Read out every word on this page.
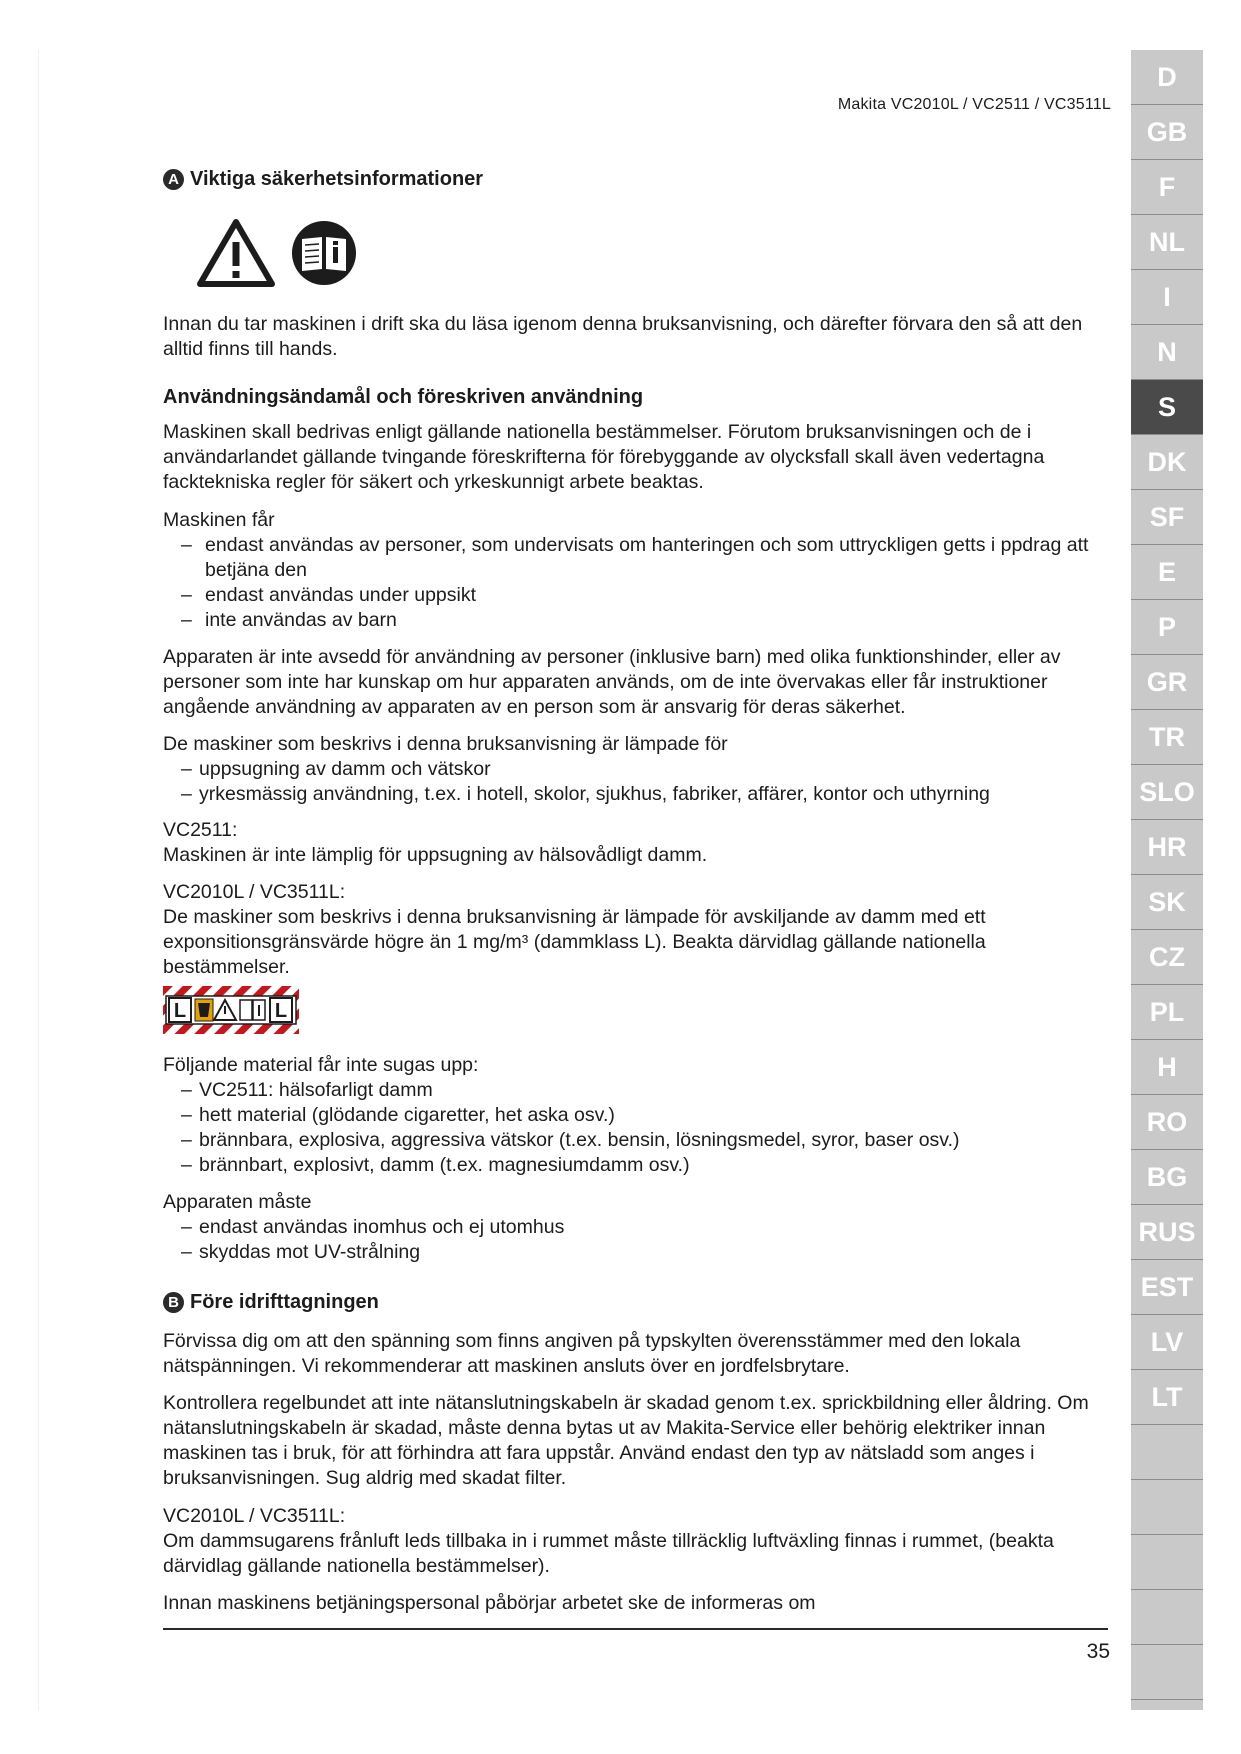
Makita VC2010L / VC2511 / VC3511L
A Viktiga säkerhetsinformationer
Innan du tar maskinen i drift ska du läsa igenom denna bruksanvisning, och därefter förvara den så att den alltid finns till hands.
Användningsändamål och föreskriven användning
Maskinen skall bedrivas enligt gällande nationella bestämmelser. Förutom bruksanvisningen och de i användarlandet gällande tvingande föreskrifterna för förebyggande av olycksfall skall även vedertagna facktekniska regler för säkert och yrkeskunnigt arbete beaktas.

Maskinen får

– endast användas av personer, som undervisats om hanteringen och som uttryckligen getts i ppdrag att betjäna den
– endast användas under uppsikt
– inte användas av barn
Apparaten är inte avsedd för användning av personer (inklusive barn) med olika funktionshinder, eller av personer som inte har kunskap om hur apparaten används, om de inte övervakas eller får instruktioner angående användning av apparaten av en person som är ansvarig för deras säkerhet.

De maskiner som beskrivs i denna bruksanvisning är lämpade för

– uppsugning av damm och vätskor
– yrkesmässig användning, t.ex. i hotell, skolor, sjukhus, fabriker, affärer, kontor och uthyrning

VC2511:

Maskinen är inte lämplig för uppsugning av hälsovådligt damm.

VC2010L / VC3511L:

De maskiner som beskrivs i denna bruksanvisning är lämpade för avskiljande av damm med ett exponsitionsgränsvärde högre än 1 mg/m³ (dammklass L). Beakta därvidlag gällande nationella bestämmelser.

L	L

Följande material får inte sugas upp:

– VC2511: hälsofarligt damm
– hett material (glödande cigaretter, het aska osv.)
– brännbara, explosiva, aggressiva vätskor (t.ex. bensin, lösningsmedel, syror, baser osv.)
– brännbart, explosivt, damm (t.ex. magnesiumdamm osv.)

Apparaten måste

– endast användas inomhus och ej utomhus
– skyddas mot UV-strålning
B Före idrifttagningen
Förvissa dig om att den spänning som finns angiven på typskylten överensstämmer med den lokala nätspänningen. Vi rekommenderar att maskinen ansluts över en jordfelsbrytare.
Kontrollera regelbundet att inte nätanslutningskabeln är skadad genom t.ex. sprickbildning eller åldring. Om nätanslutningskabeln är skadad, måste denna bytas ut av Makita-Service eller behörig elektriker innan maskinen tas i bruk, för att förhindra att fara uppstår. Använd endast den typ av nätsladd som anges i bruksanvisningen. Sug aldrig med skadat filter.

VC2010L / VC3511L:

Om dammsugarens frånluft leds tillbaka in i rummet måste tillräcklig luftväxling finnas i rummet, (beakta därvidlag gällande nationella bestämmelser).

Innan maskinens betjäningspersonal påbörjar arbetet ske de informeras om
35
D
GB
F
NL
I
N
S
DK
SF
E
P
GR
TR
SLO
HR
SK
CZ
PL
H
RO
BG
RUS
EST
LV
LT
